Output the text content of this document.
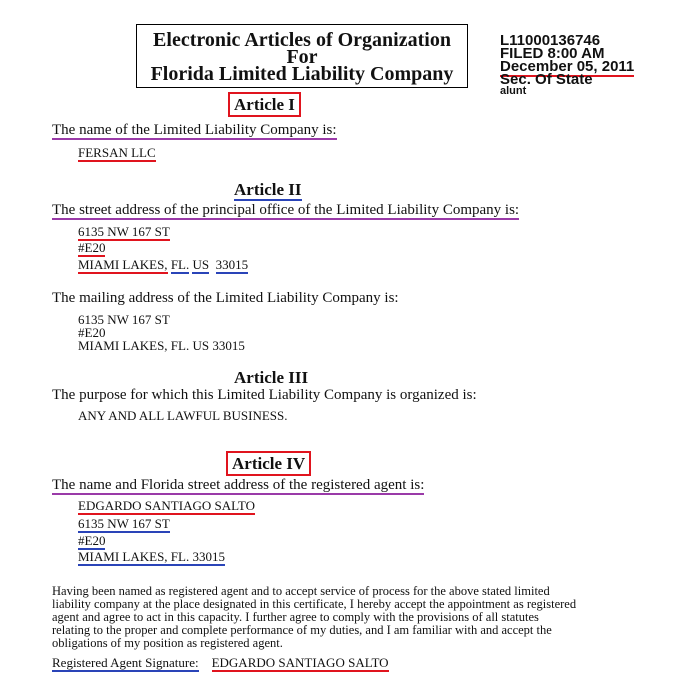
Electronic Articles of Organization
For
Florida Limited Liability Company
L11000136746
FILED 8:00 AM
December 05, 2011
Sec. Of State
alunt
Article I
The name of the Limited Liability Company is:
FERSAN LLC
Article II
The street address of the principal office of the Limited Liability Company is:
6135 NW 167 ST
#E20
MIAMI LAKES, FL. US 33015
The mailing address of the Limited Liability Company is:
6135 NW 167 ST
#E20
MIAMI LAKES, FL. US 33015
Article III
The purpose for which this Limited Liability Company is organized is:
ANY AND ALL LAWFUL BUSINESS.
Article IV
The name and Florida street address of the registered agent is:
EDGARDO SANTIAGO SALTO
6135 NW 167 ST
#E20
MIAMI LAKES, FL. 33015
Having been named as registered agent and to accept service of process for the above stated limited
liability company at the place designated in this certificate, I hereby accept the appointment as registered
agent and agree to act in this capacity. I further agree to comply with the provisions of all statutes
relating to the proper and complete performance of my duties, and I am familiar with and accept the
obligations of my position as registered agent.
Registered Agent Signature: EDGARDO SANTIAGO SALTO
